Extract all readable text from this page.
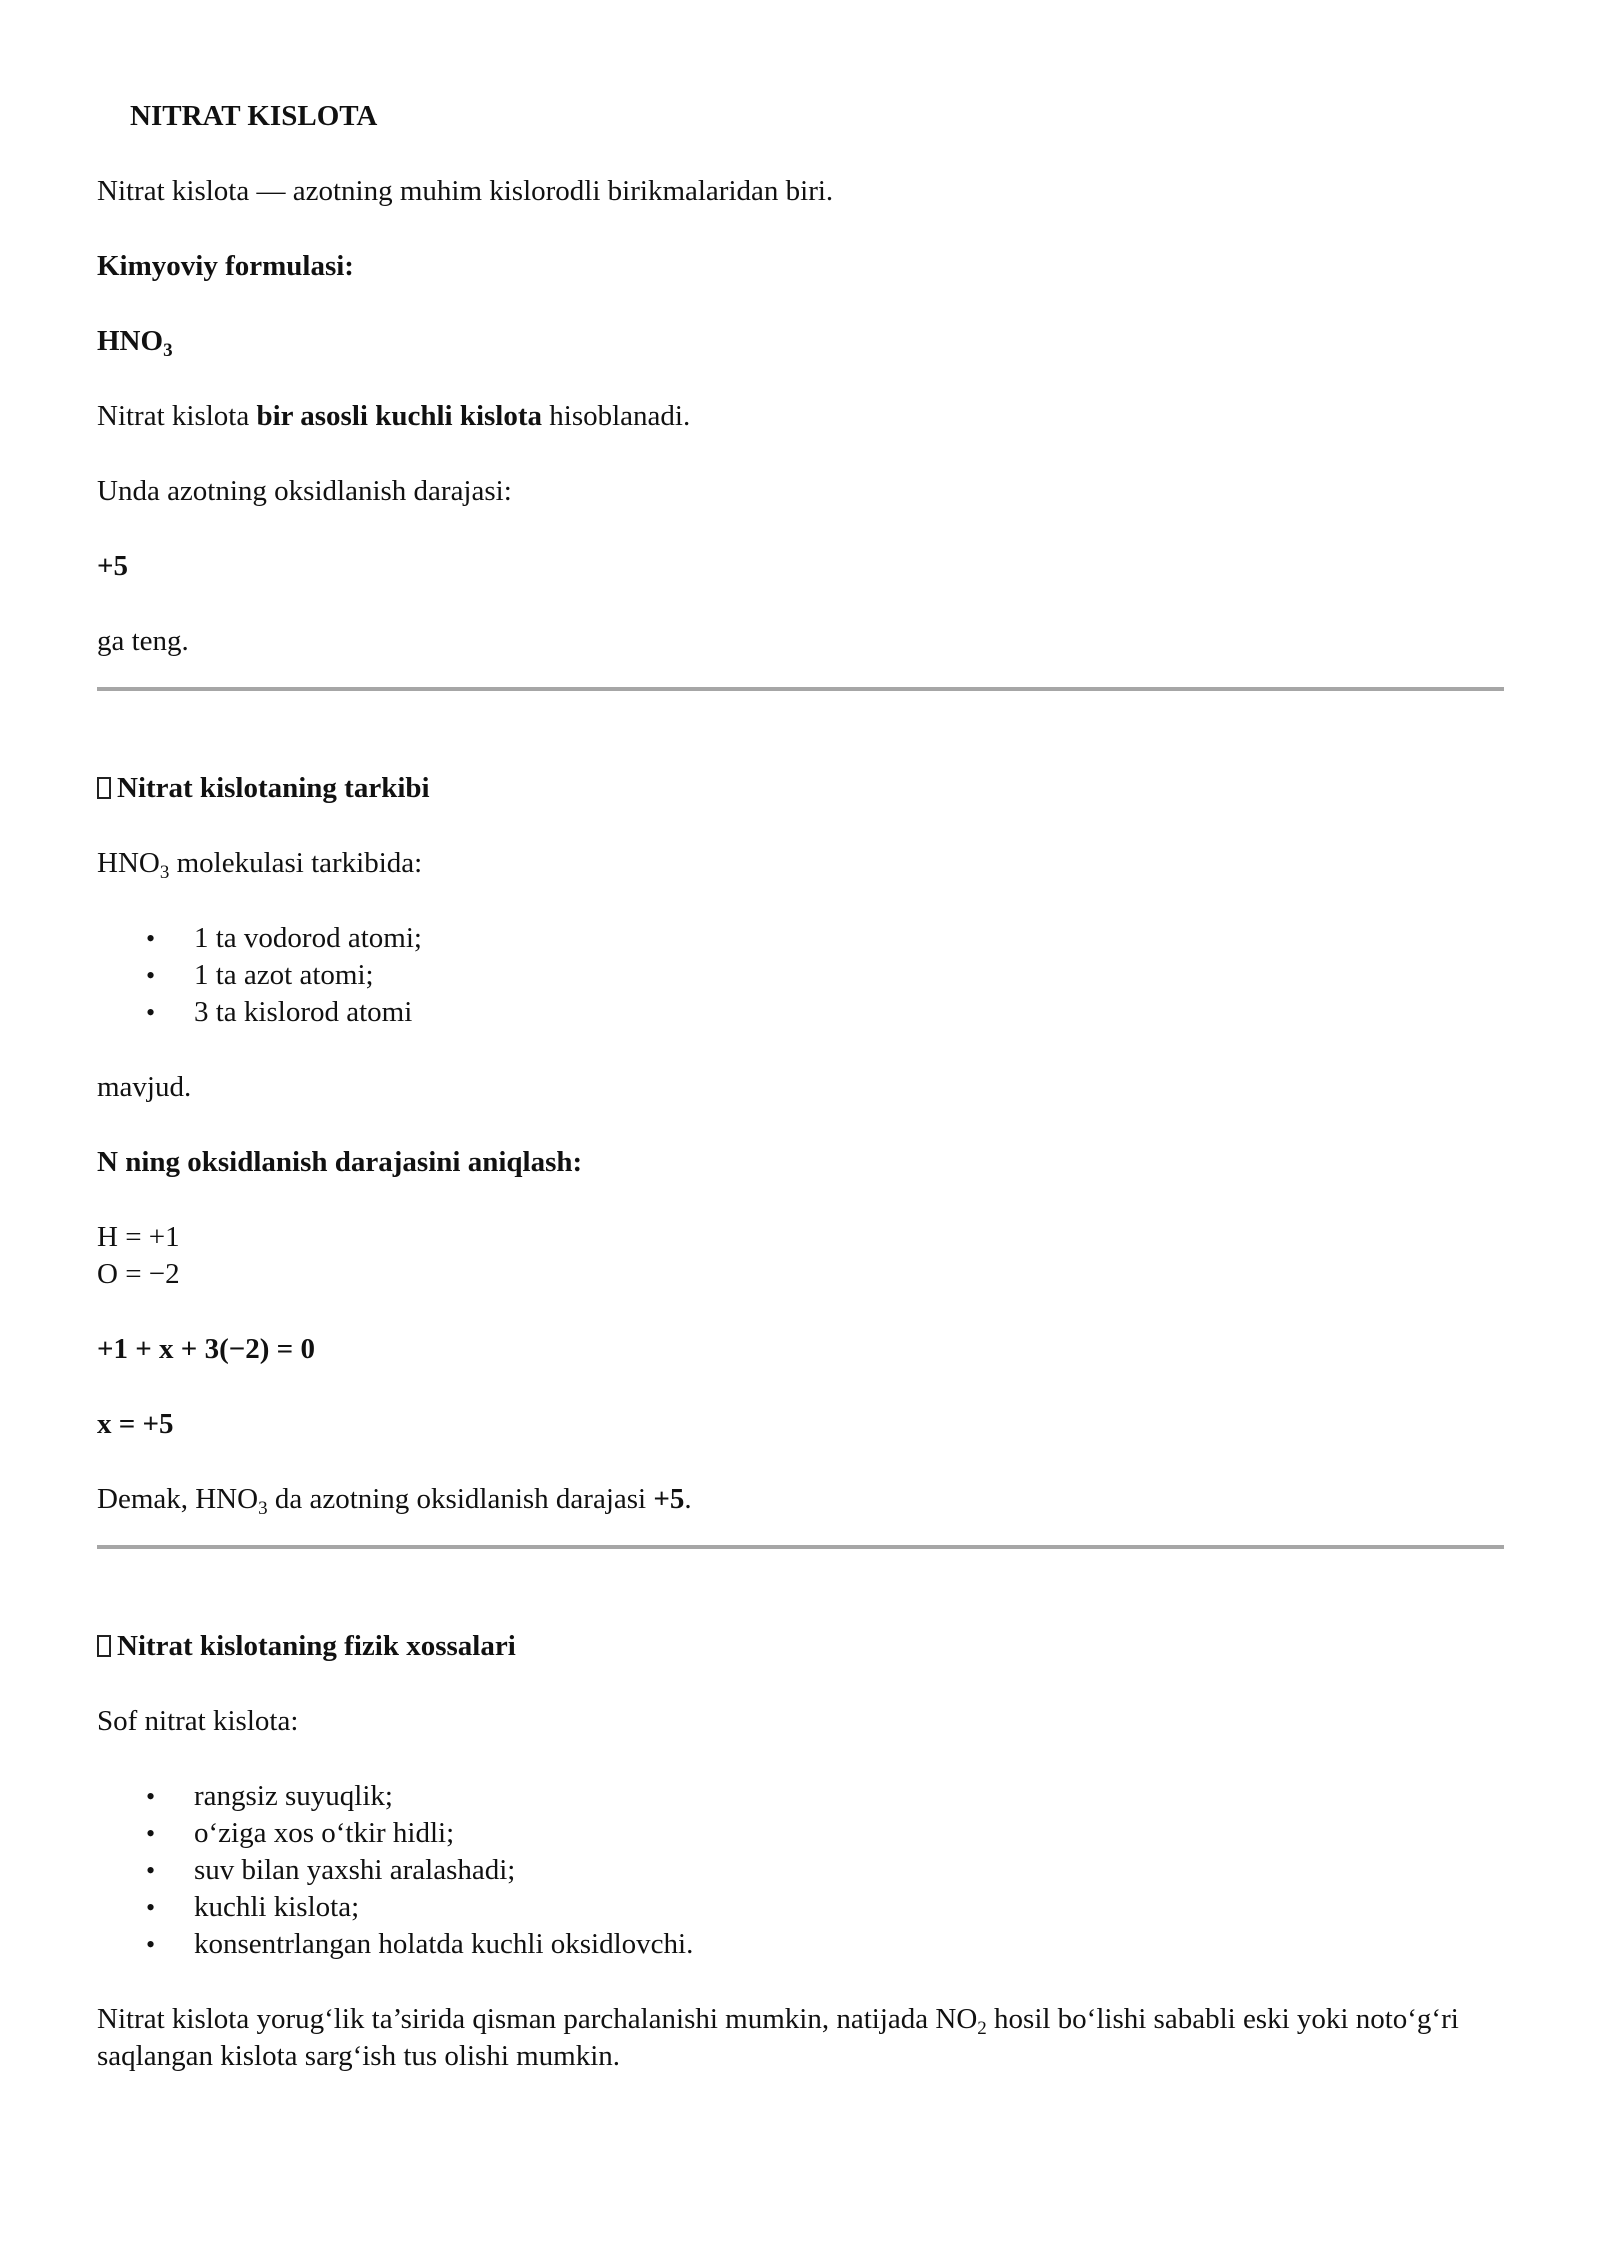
NITRAT KISLOTA

Nitrat kislota — azotning muhim kislorodli birikmalaridan biri.

Kimyoviy formulasi:

$HNO_3$

Nitrat kislota bir asosli kuchli kislota hisoblanadi.

Unda azotning oksidlanish darajasi:

+5

ga teng.

Nitrat kislotaning tarkibi

$HNO_3$ molekulasi tarkibida:

• 1 ta vodorod atomi;
• 1 ta azot atomi;
• 3 ta kislorod atomi

mavjud.

N ning oksidlanish darajasini aniqlash:

H = +1

O = −2

+1 + x + 3(−2) = 0

x = +5

Demak, $HNO_3$ da azotning oksidlanish darajasi +5.

Nitrat kislotaning fizik xossalari

Sof nitrat kislota:

• rangsiz suyuqlik;
• o‘ziga xos o‘tkir hidli;
• suv bilan yaxshi aralashadi;
• kuchli kislota;
• konsentrlangan holatda kuchli oksidlovchi.

Nitrat kislota yorug‘lik ta’sirida qisman parchalanishi mumkin, natijada $NO_2$ hosil bo‘lishi sababli eski yoki noto‘g‘ri saqlangan kislota sarg‘ish tus olishi mumkin.
